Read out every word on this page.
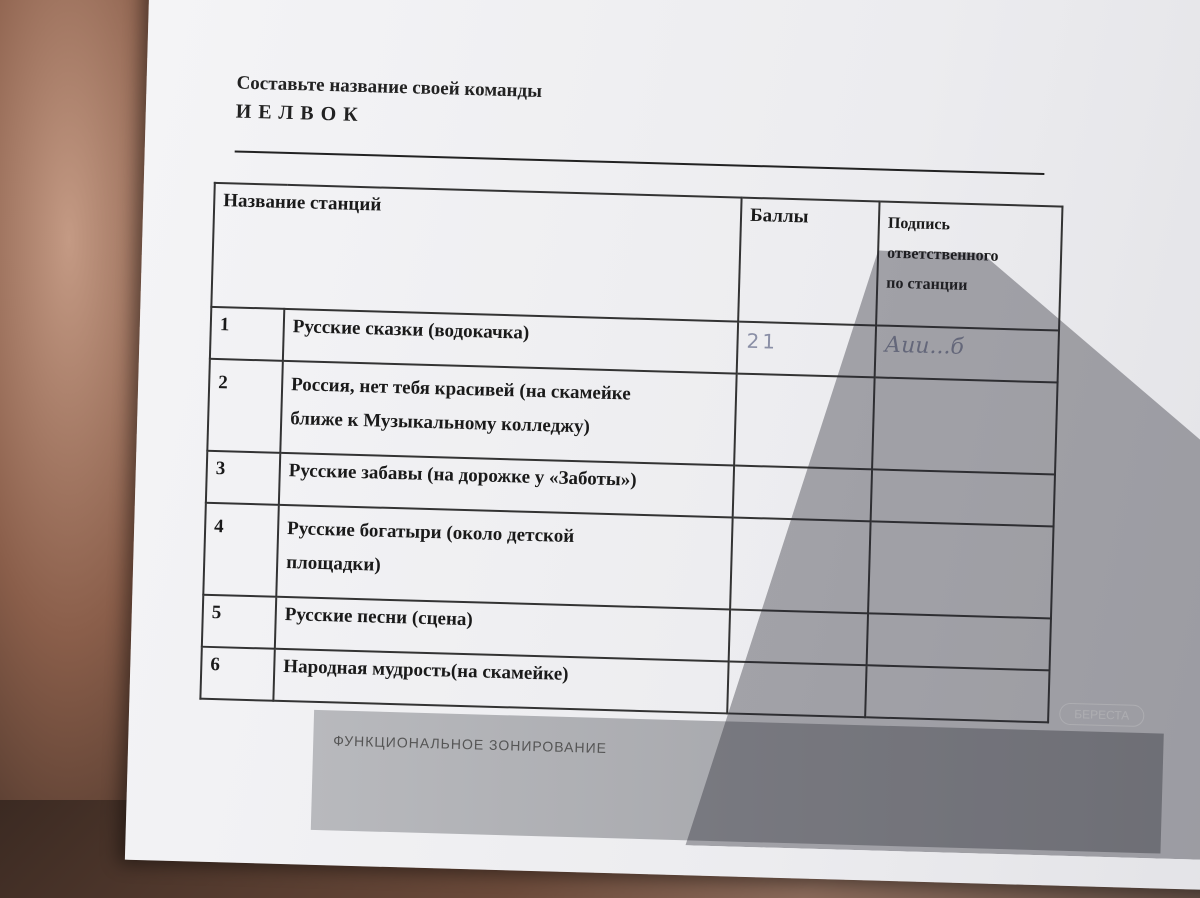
Составьте название своей команды
ИЕЛВОК
Название станций		Баллы	Подпись
ответственного
по станции

1	Русские сказки (водокачка)	21	Аии...б
2	Россия, нет тебя красивей (на скамейке
ближе к Музыкальному колледжу)		

3	Русские забавы (на дорожке у «Заботы»)		
4	Русские богатыри (около детской
площадки)		

5	Русские песни (сцена)		
6	Народная мудрость(на скамейке)		
БЕРЕСТА
ФУНКЦИОНАЛЬНОЕ ЗОНИРОВАНИЕ
